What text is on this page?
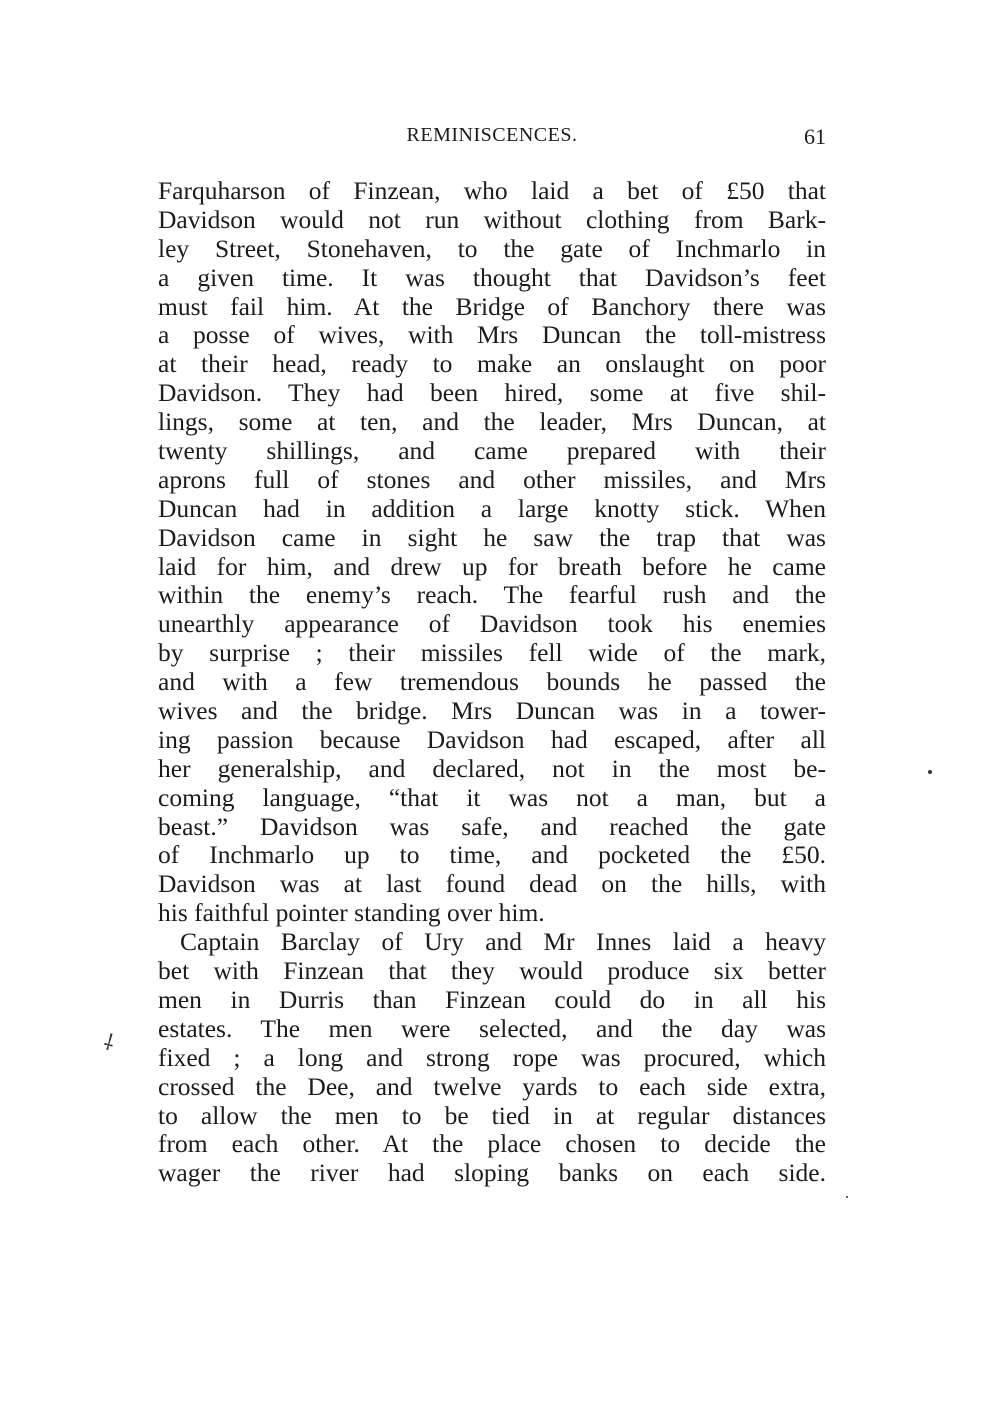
REMINISCENCES.	61
Farquharson of Finzean, who laid a bet of £50 that
Davidson would not run without clothing from Bark-
ley Street, Stonehaven, to the gate of Inchmarlo in
a given time. It was thought that Davidson’s feet
must fail him. At the Bridge of Banchory there was
a posse of wives, with Mrs Duncan the toll-mistress
at their head, ready to make an onslaught on poor
Davidson. They had been hired, some at five shil-
lings, some at ten, and the leader, Mrs Duncan, at
twenty shillings, and came prepared with their
aprons full of stones and other missiles, and Mrs
Duncan had in addition a large knotty stick. When
Davidson came in sight he saw the trap that was
laid for him, and drew up for breath before he came
within the enemy’s reach. The fearful rush and the
unearthly appearance of Davidson took his enemies
by surprise ; their missiles fell wide of the mark,
and with a few tremendous bounds he passed the
wives and the bridge. Mrs Duncan was in a tower-
ing passion because Davidson had escaped, after all
her generalship, and declared, not in the most be-
coming language, “that it was not a man, but a
beast.” Davidson was safe, and reached the gate
of Inchmarlo up to time, and pocketed the £50.
Davidson was at last found dead on the hills, with
his faithful pointer standing over him.
Captain Barclay of Ury and Mr Innes laid a heavy
bet with Finzean that they would produce six better
men in Durris than Finzean could do in all his
estates. The men were selected, and the day was
fixed ; a long and strong rope was procured, which
crossed the Dee, and twelve yards to each side extra,
to allow the men to be tied in at regular distances
from each other. At the place chosen to decide the
wager the river had sloping banks on each side.
⸸
